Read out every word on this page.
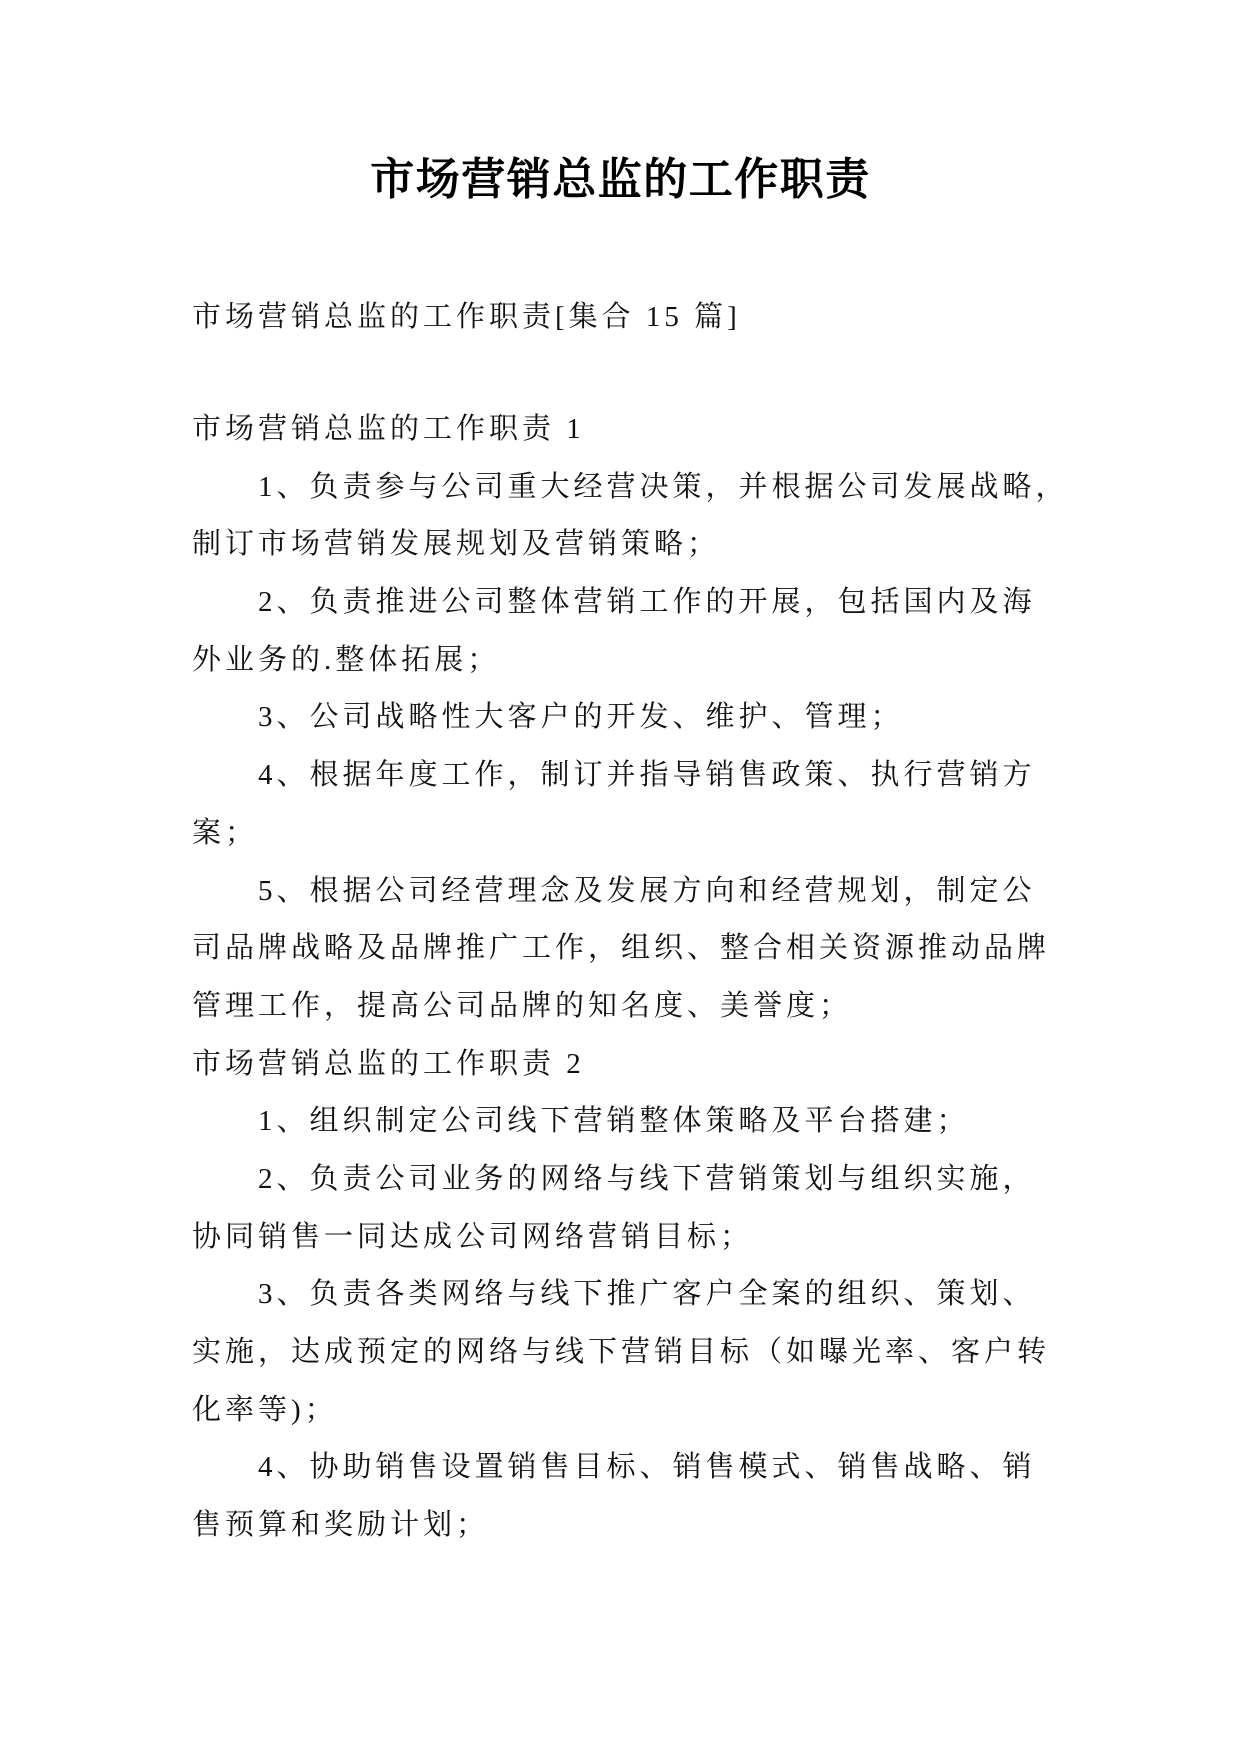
市场营销总监的工作职责
市场营销总监的工作职责[集合 15 篇]
市场营销总监的工作职责 1
1、负责参与公司重大经营决策，并根据公司发展战略，
制订市场营销发展规划及营销策略；
2、负责推进公司整体营销工作的开展，包括国内及海
外业务的.整体拓展；
3、公司战略性大客户的开发、维护、管理；
4、根据年度工作，制订并指导销售政策、执行营销方
案；
5、根据公司经营理念及发展方向和经营规划，制定公
司品牌战略及品牌推广工作，组织、整合相关资源推动品牌
管理工作，提高公司品牌的知名度、美誉度；
市场营销总监的工作职责 2
1、组织制定公司线下营销整体策略及平台搭建；
2、负责公司业务的网络与线下营销策划与组织实施，
协同销售一同达成公司网络营销目标；
3、负责各类网络与线下推广客户全案的组织、策划、
实施，达成预定的网络与线下营销目标（如曝光率、客户转
化率等)；
4、协助销售设置销售目标、销售模式、销售战略、销
售预算和奖励计划；
